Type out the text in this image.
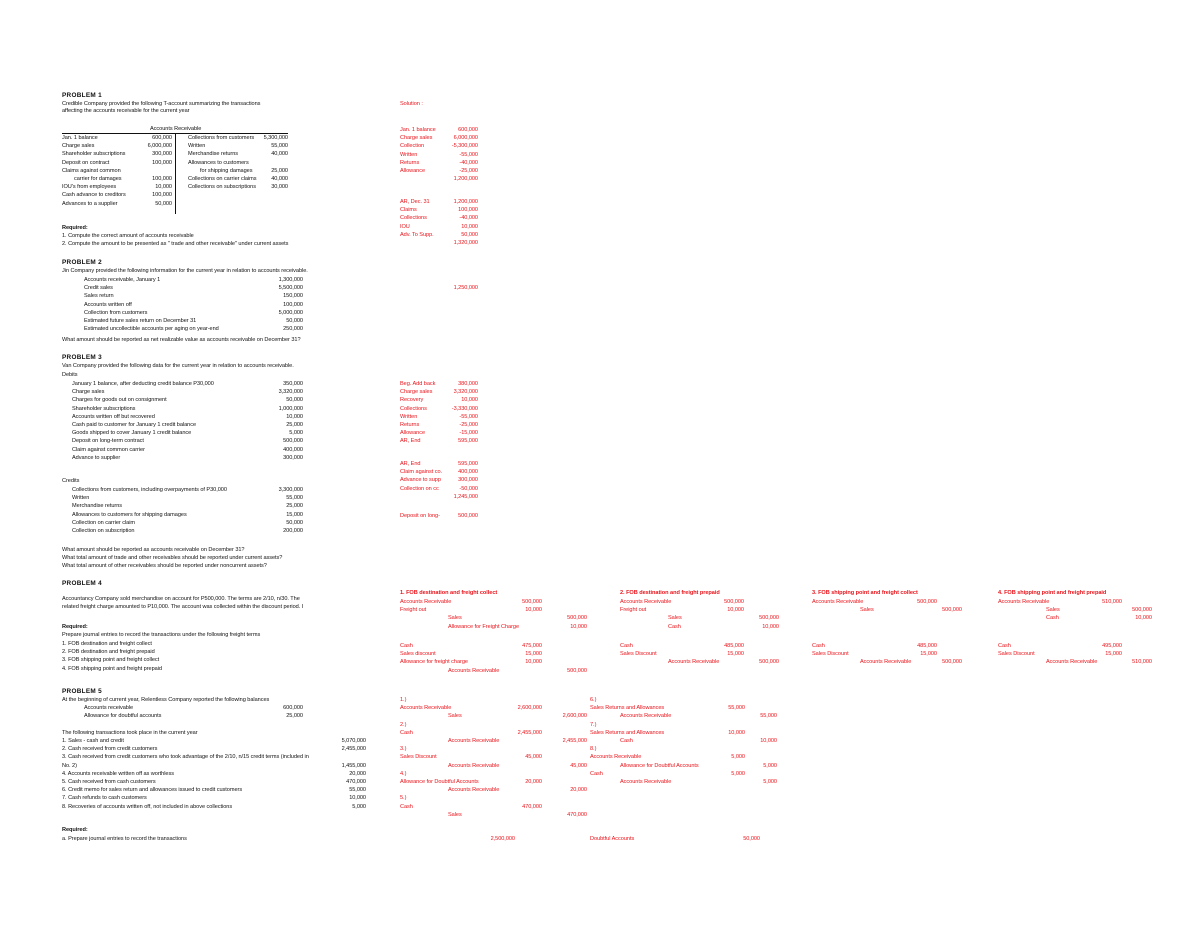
PROBLEM 1
Credible Company provided the following T-account summarizing the transactions
affecting the accounts receivable for the current year
Accounts Receivable
Jan. 1 balance	600,000
Charge sales	6,000,000
Shareholder subscriptions	300,000
Deposit on contract	100,000
Claims against common
carrier for damages	100,000
IOU's from employees	10,000
Cash advance to creditors	100,000
Advances to a supplier	50,000
Collections from customers	5,300,000
Written	55,000
Merchandise returns	40,000
Allowances to customers
for shipping damages	25,000
Collections on carrier claims	40,000
Collections on subscriptions	30,000
Required:
1. Compute the correct amount of accounts receivable
2. Compute the amount to be presented as " trade and other receivable" under current assets
Solution :
Jan. 1 balance	600,000
Charge sales	6,000,000
Collection	-5,300,000
Written	-55,000
Returns	-40,000
Allowance	-25,000
1,200,000
AR, Dec. 31	1,200,000
Claims	100,000
Collections	-40,000
IOU	10,000
Adv. To Supp.	50,000
1,320,000
PROBLEM 2
Jin Company provided the following information for the current year in relation to accounts receivable.
Accounts receivable, January 1	1,300,000
Credit sales	5,500,000
Sales return	150,000
Accounts written off	100,000
Collection from customers	5,000,000
Estimated future sales return on December 31	50,000
Estimated uncollectible accounts per aging on year-end	250,000
What amount should be reported as net realizable value as accounts receivable on December 31?
1,250,000
PROBLEM 3
Van Company provided the following data for the current year in relation to accounts receivable.
Debits
January 1 balance, after deducting credit balance P30,000	350,000
Charge sales	3,320,000
Charges for goods out on consignment	50,000
Shareholder subscriptions	1,000,000
Accounts written off but recovered	10,000
Cash paid to customer for January 1 credit balance	25,000
Goods shipped to cover January 1 credit balance	5,000
Deposit on long-term contract	500,000
Claim against common carrier	400,000
Advance to supplier	300,000
Credits
Collections from customers, including overpayments of P30,000	3,300,000
Written	55,000
Merchandise returns	25,000
Allowances to customers for shipping damages	15,000
Collection on carrier claim	50,000
Collection on subscription	200,000
What amount should be reported as accounts receivable on December 31?
What total amount of trade and other receivables should be reported under current assets?
What total amount of other receivables should be reported under noncurrent assets?
Beg. Add back	380,000
Charge sales	3,320,000
Recovery	10,000
Collections	-3,330,000
Written	-55,000
Returns	-25,000
Allowance	-15,000
AR, End	595,000
AR, End	595,000
Claim against co.	400,000
Advance to supp	300,000
Collection on cc	-50,000
1,245,000
Deposit on long-	500,000
PROBLEM 4
Accountancy Company sold merchandise on account for P500,000. The terms are 2/10, n/30. The
related freight charge amounted to P10,000. The account was collected within the discount period. I
Required:
Prepare journal entries to record the transactions under the following freight terms
1. FOB destination and freight collect
2. FOB destination and freight prepaid
3. FOB shipping point and freight collect
4. FOB shipping point and freight prepaid
1. FOB destination and freight collect
Accounts Receivable	500,000
Freight out	10,000
Sales	500,000
Allowance for Freight Charge	10,000
Cash	475,000
Sales discount	15,000
Allowance for freight charge	10,000
Accounts Receivable	500,000
2. FOB destination and freight prepaid
Accounts Receivable	500,000
Freight out	10,000
Sales	500,000
Cash	10,000
Cash	485,000
Sales Discount	15,000
Accounts Receivable	500,000
3. FOB shipping point and freight collect
Accounts Receivable	500,000
Sales	500,000
Cash	485,000
Sales Discount	15,000
Accounts Receivable	500,000
4. FOB shipping point and freight prepaid
Accounts Receivable	510,000
Sales	500,000
Cash	10,000
Cash	495,000
Sales Discount	15,000
Accounts Receivable	510,000
PROBLEM 5
At the beginning of current year, Relentless Company reported the following balances
Accounts receivable	600,000
Allowance for doubtful accounts	25,000
The following transactions took place in the current year
1. Sales - cash and credit	5,070,000
2. Cash received from credit customers	2,455,000
3. Cash received from credit customers who took advantage of the 2/10, n/15 credit terms (included in
No. 2)	1,455,000
4. Accounts receivable written off as worthless	20,000
5. Cash received from cash customers	470,000
6. Credit memo for sales return and allowances issued to credit customers	55,000
7. Cash refunds to cash customers	10,000
8. Recoveries of accounts written off, not included in above collections	5,000
Required:
a. Prepare journal entries to record the transactions
1.)
Accounts Receivable	2,600,000
Sales	2,600,000
2.)
Cash	2,455,000
Accounts Receivable	2,455,000
3.)
Sales Discount	45,000
Accounts Receivable	45,000
4.)
Allowance for Doubtful Accounts	20,000
Accounts Receivable	20,000
5.)
Cash	470,000
Sales	470,000
6.)
Sales Returns and Allowances	55,000
Accounts Receivable	55,000
7.)
Sales Returns and Allowances	10,000
Cash	10,000
8.)
Accounts Receivable	5,000
Allowance for Doubtful Accounts	5,000
Cash	5,000
Accounts Receivable	5,000
2,500,000	Doubtful Accounts	50,000
